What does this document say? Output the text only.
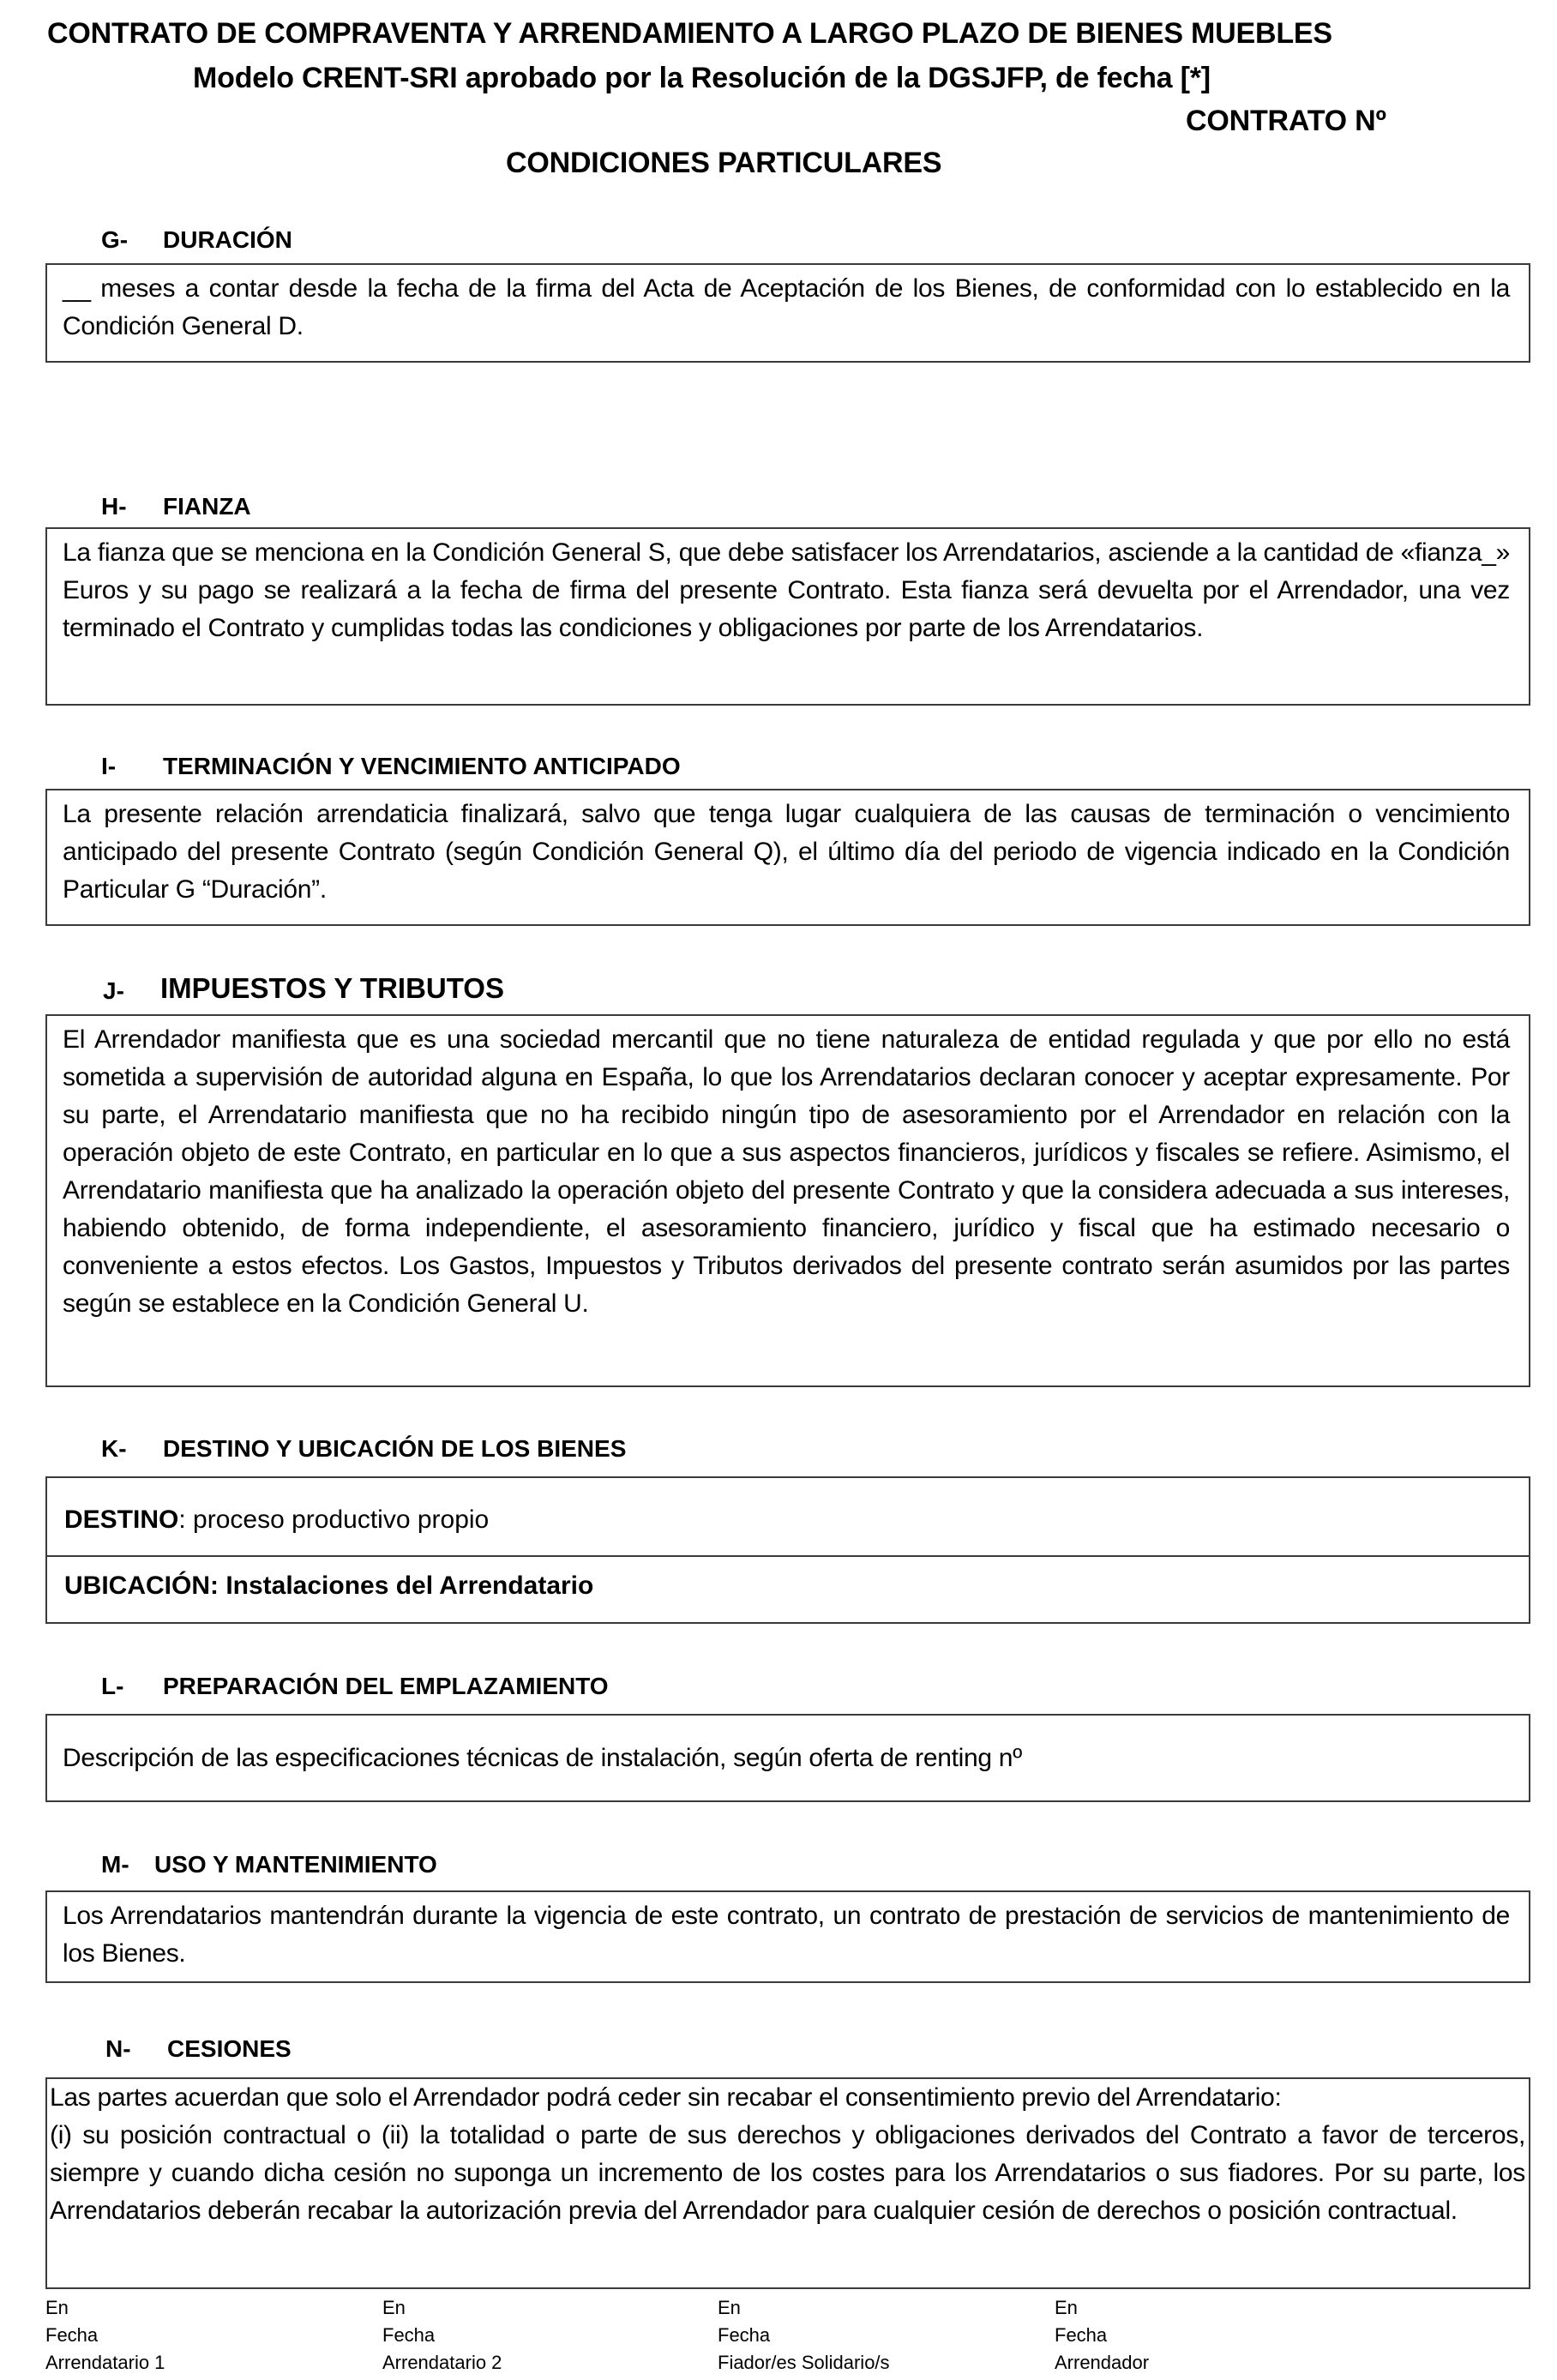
CONTRATO DE COMPRAVENTA Y ARRENDAMIENTO A LARGO PLAZO DE BIENES MUEBLES
Modelo CRENT-SRI aprobado por la Resolución de la DGSJFP, de fecha [*]
CONTRATO Nº
CONDICIONES PARTICULARES
G- DURACIÓN
__ meses a contar desde la fecha de la firma del Acta de Aceptación de los Bienes, de conformidad con lo establecido en la Condición General D.
H- FIANZA
La fianza que se menciona en la Condición General S, que debe satisfacer los Arrendatarios, asciende a la cantidad de «fianza_» Euros y su pago se realizará a la fecha de firma del presente Contrato. Esta fianza será devuelta por el Arrendador, una vez terminado el Contrato y cumplidas todas las condiciones y obligaciones por parte de los Arrendatarios.
I- TERMINACIÓN Y VENCIMIENTO ANTICIPADO
La presente relación arrendaticia finalizará, salvo que tenga lugar cualquiera de las causas de terminación o vencimiento anticipado del presente Contrato (según Condición General Q), el último día del periodo de vigencia indicado en la Condición Particular G “Duración”.
J- IMPUESTOS Y TRIBUTOS
El Arrendador manifiesta que es una sociedad mercantil que no tiene naturaleza de entidad regulada y que por ello no está sometida a supervisión de autoridad alguna en España, lo que los Arrendatarios declaran conocer y aceptar expresamente. Por su parte, el Arrendatario manifiesta que no ha recibido ningún tipo de asesoramiento por el Arrendador en relación con la operación objeto de este Contrato, en particular en lo que a sus aspectos financieros, jurídicos y fiscales se refiere. Asimismo, el Arrendatario manifiesta que ha analizado la operación objeto del presente Contrato y que la considera adecuada a sus intereses, habiendo obtenido, de forma independiente, el asesoramiento financiero, jurídico y fiscal que ha estimado necesario o conveniente a estos efectos. Los Gastos, Impuestos y Tributos derivados del presente contrato serán asumidos por las partes según se establece en la Condición General U.
K- DESTINO Y UBICACIÓN DE LOS BIENES
DESTINO: proceso productivo propio
UBICACIÓN: Instalaciones del Arrendatario
L- PREPARACIÓN DEL EMPLAZAMIENTO
Descripción de las especificaciones técnicas de instalación, según oferta de renting nº
M- USO Y MANTENIMIENTO
Los Arrendatarios mantendrán durante la vigencia de este contrato, un contrato de prestación de servicios de mantenimiento de los Bienes.
N- CESIONES
Las partes acuerdan que solo el Arrendador podrá ceder sin recabar el consentimiento previo del Arrendatario:
(i) su posición contractual o (ii) la totalidad o parte de sus derechos y obligaciones derivados del Contrato a favor de terceros, siempre y cuando dicha cesión no suponga un incremento de los costes para los Arrendatarios o sus fiadores. Por su parte, los Arrendatarios deberán recabar la autorización previa del Arrendador para cualquier cesión de derechos o posición contractual.
En
Fecha
Arrendatario 1
En
Fecha
Arrendatario 2
En
Fecha
Fiador/es Solidario/s
En
Fecha
Arrendador
